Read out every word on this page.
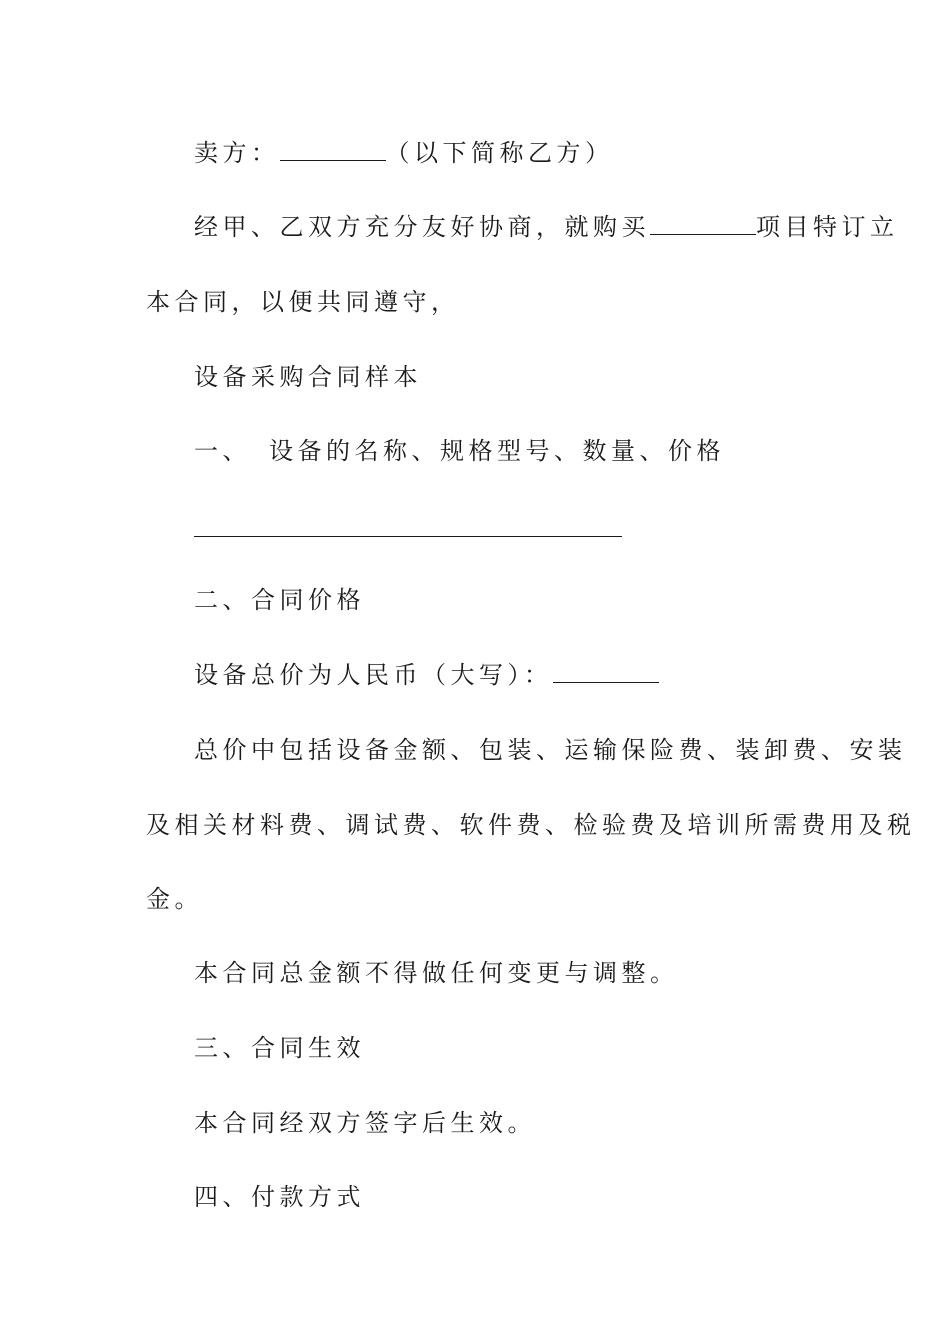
卖方：	（以下简称乙方）
经甲、乙双方充分友好协商，就购买	项目特订立
本合同，以便共同遵守，
设备采购合同样本
一、 设备的名称、规格型号、数量、价格
二、合同价格
设备总价为人民币（大写）：
总价中包括设备金额、包装、运输保险费、装卸费、安装
及相关材料费、调试费、软件费、检验费及培训所需费用及税
金。
本合同总金额不得做任何变更与调整。
三、合同生效
本合同经双方签字后生效。
四、付款方式
